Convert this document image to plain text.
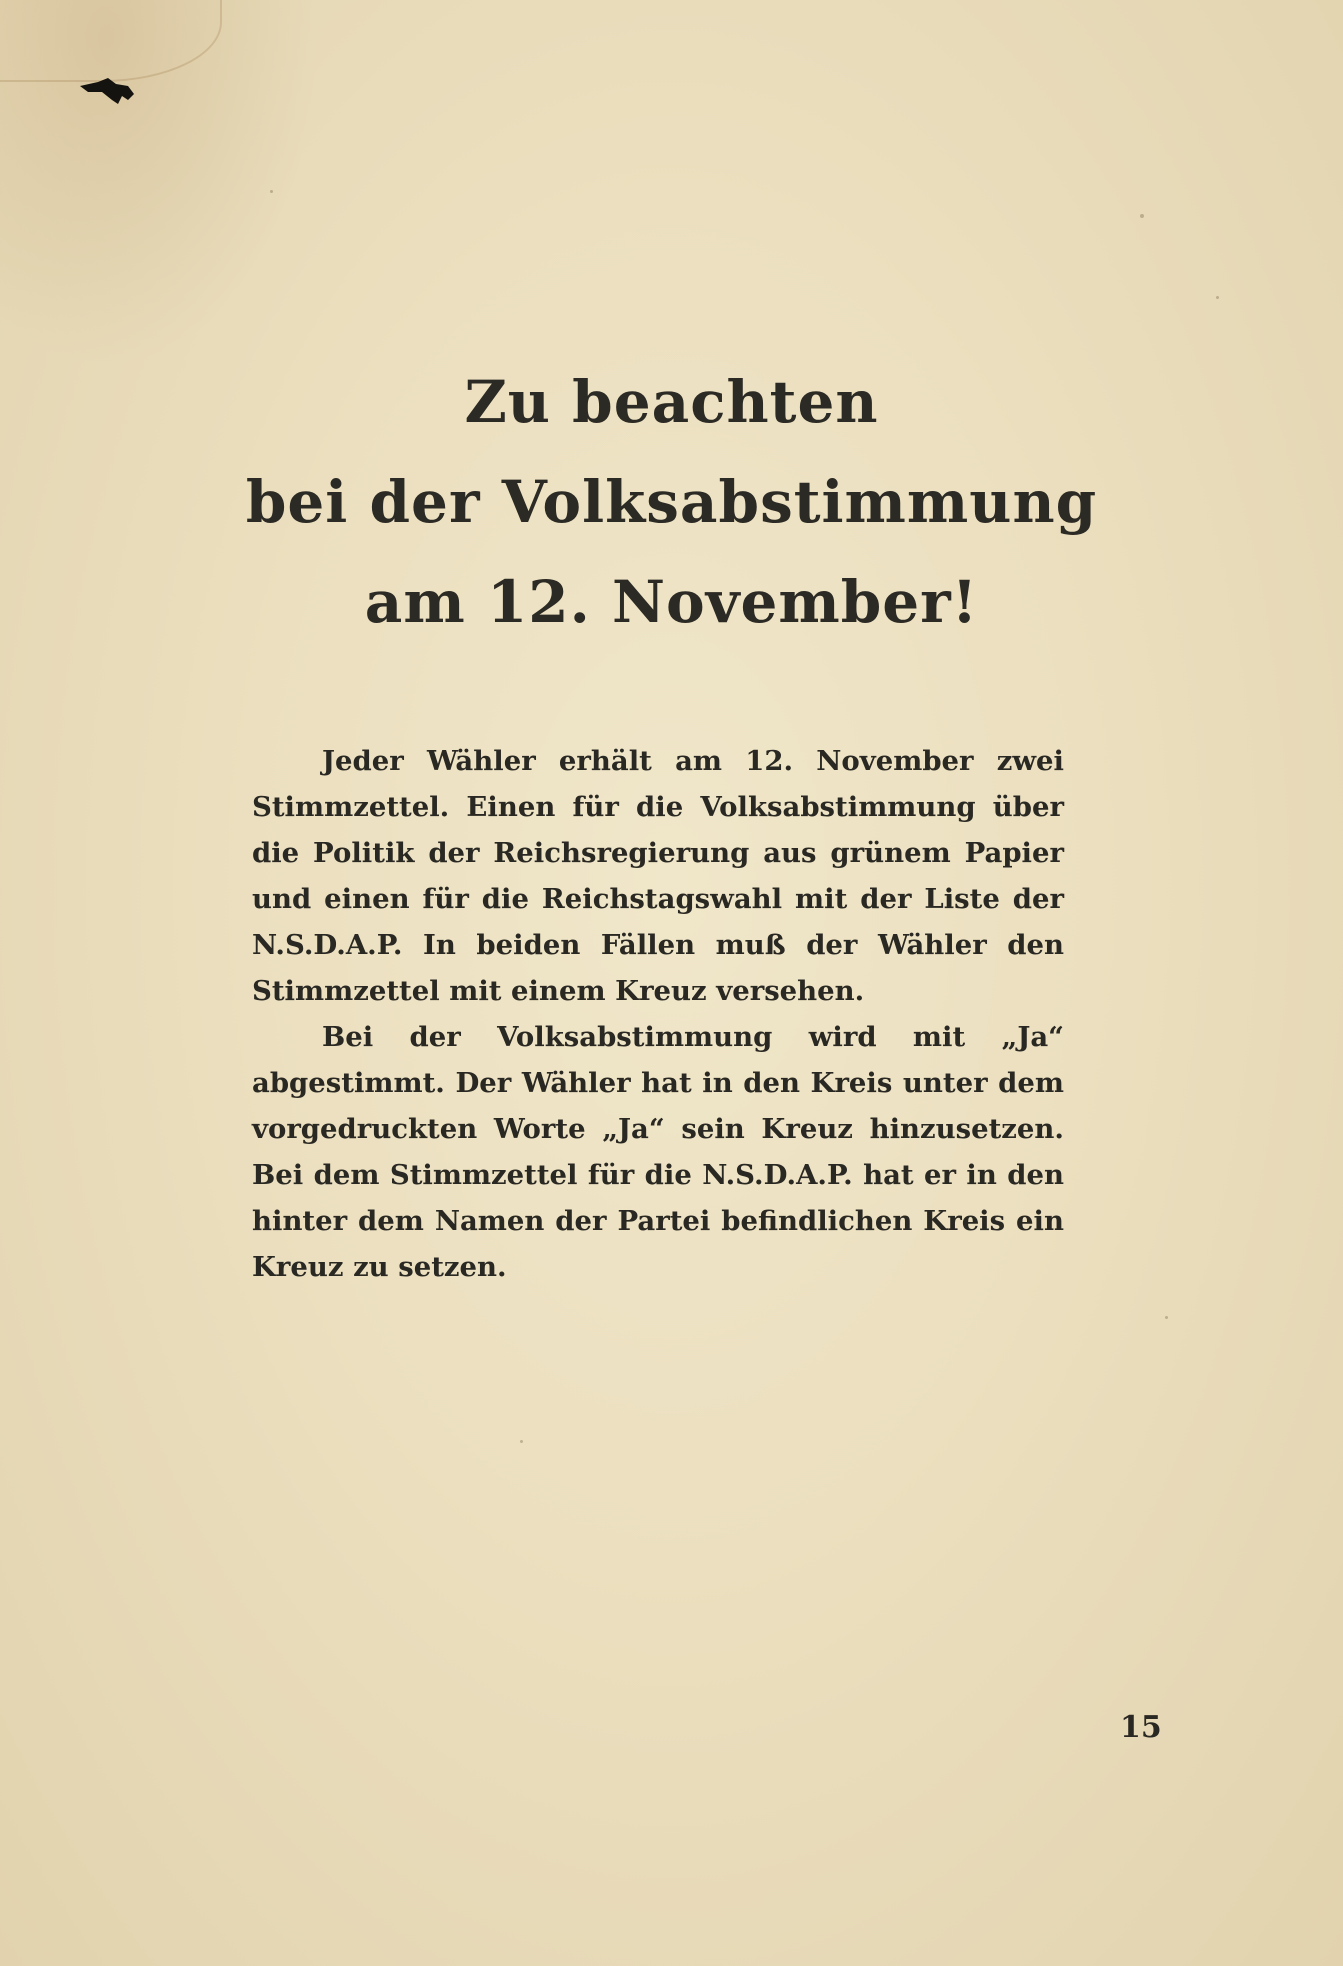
Zu beachten
bei der Volksabstimmung
am 12. November!

Jeder Wähler erhält am 12. November zwei Stimmzettel. Einen für die Volksabstimmung über die Politik der Reichsregierung aus grünem Papier und einen für die Reichstagswahl mit der Liste der N.S.D.A.P. In beiden Fällen muß der Wähler den Stimmzettel mit einem Kreuz versehen.

Bei der Volksabstimmung wird mit „Ja“ abgestimmt. Der Wähler hat in den Kreis unter dem vorgedruckten Worte „Ja“ sein Kreuz hinzusetzen. Bei dem Stimmzettel für die N.S.D.A.P. hat er in den hinter dem Namen der Partei befindlichen Kreis ein Kreuz zu setzen.

15
